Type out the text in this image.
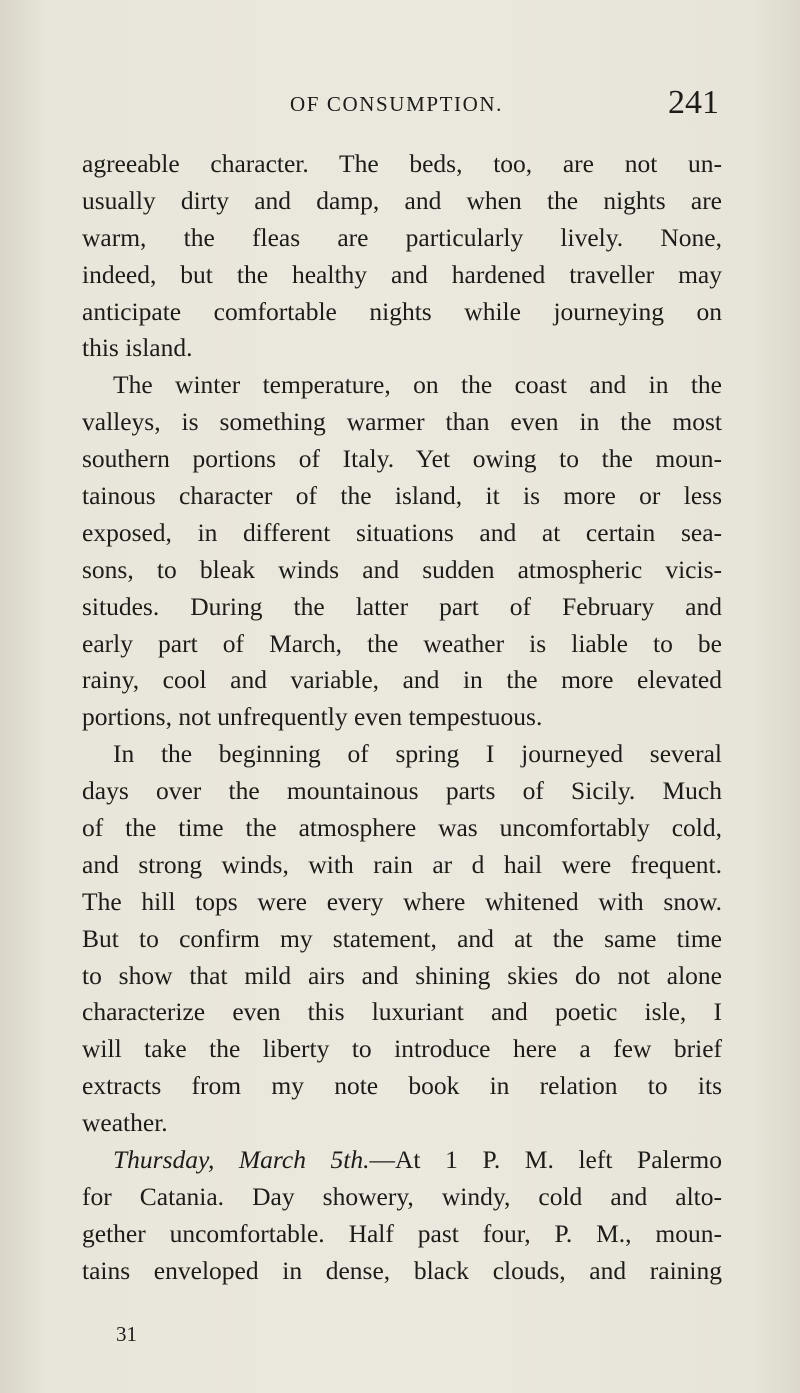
OF CONSUMPTION.	241
agreeable character. The beds, too, are not un-
usually dirty and damp, and when the nights are
warm, the fleas are particularly lively. None,
indeed, but the healthy and hardened traveller may
anticipate comfortable nights while journeying on
this island.
The winter temperature, on the coast and in the
valleys, is something warmer than even in the most
southern portions of Italy. Yet owing to the moun-
tainous character of the island, it is more or less
exposed, in different situations and at certain sea-
sons, to bleak winds and sudden atmospheric vicis-
situdes. During the latter part of February and
early part of March, the weather is liable to be
rainy, cool and variable, and in the more elevated
portions, not unfrequently even tempestuous.
In the beginning of spring I journeyed several
days over the mountainous parts of Sicily. Much
of the time the atmosphere was uncomfortably cold,
and strong winds, with rain ar d hail were frequent.
The hill tops were every where whitened with snow.
But to confirm my statement, and at the same time
to show that mild airs and shining skies do not alone
characterize even this luxuriant and poetic isle, I
will take the liberty to introduce here a few brief
extracts from my note book in relation to its
weather.
Thursday, March 5th.—At 1 P. M. left Palermo
for Catania. Day showery, windy, cold and alto-
gether uncomfortable. Half past four, P. M., moun-
tains enveloped in dense, black clouds, and raining
31
